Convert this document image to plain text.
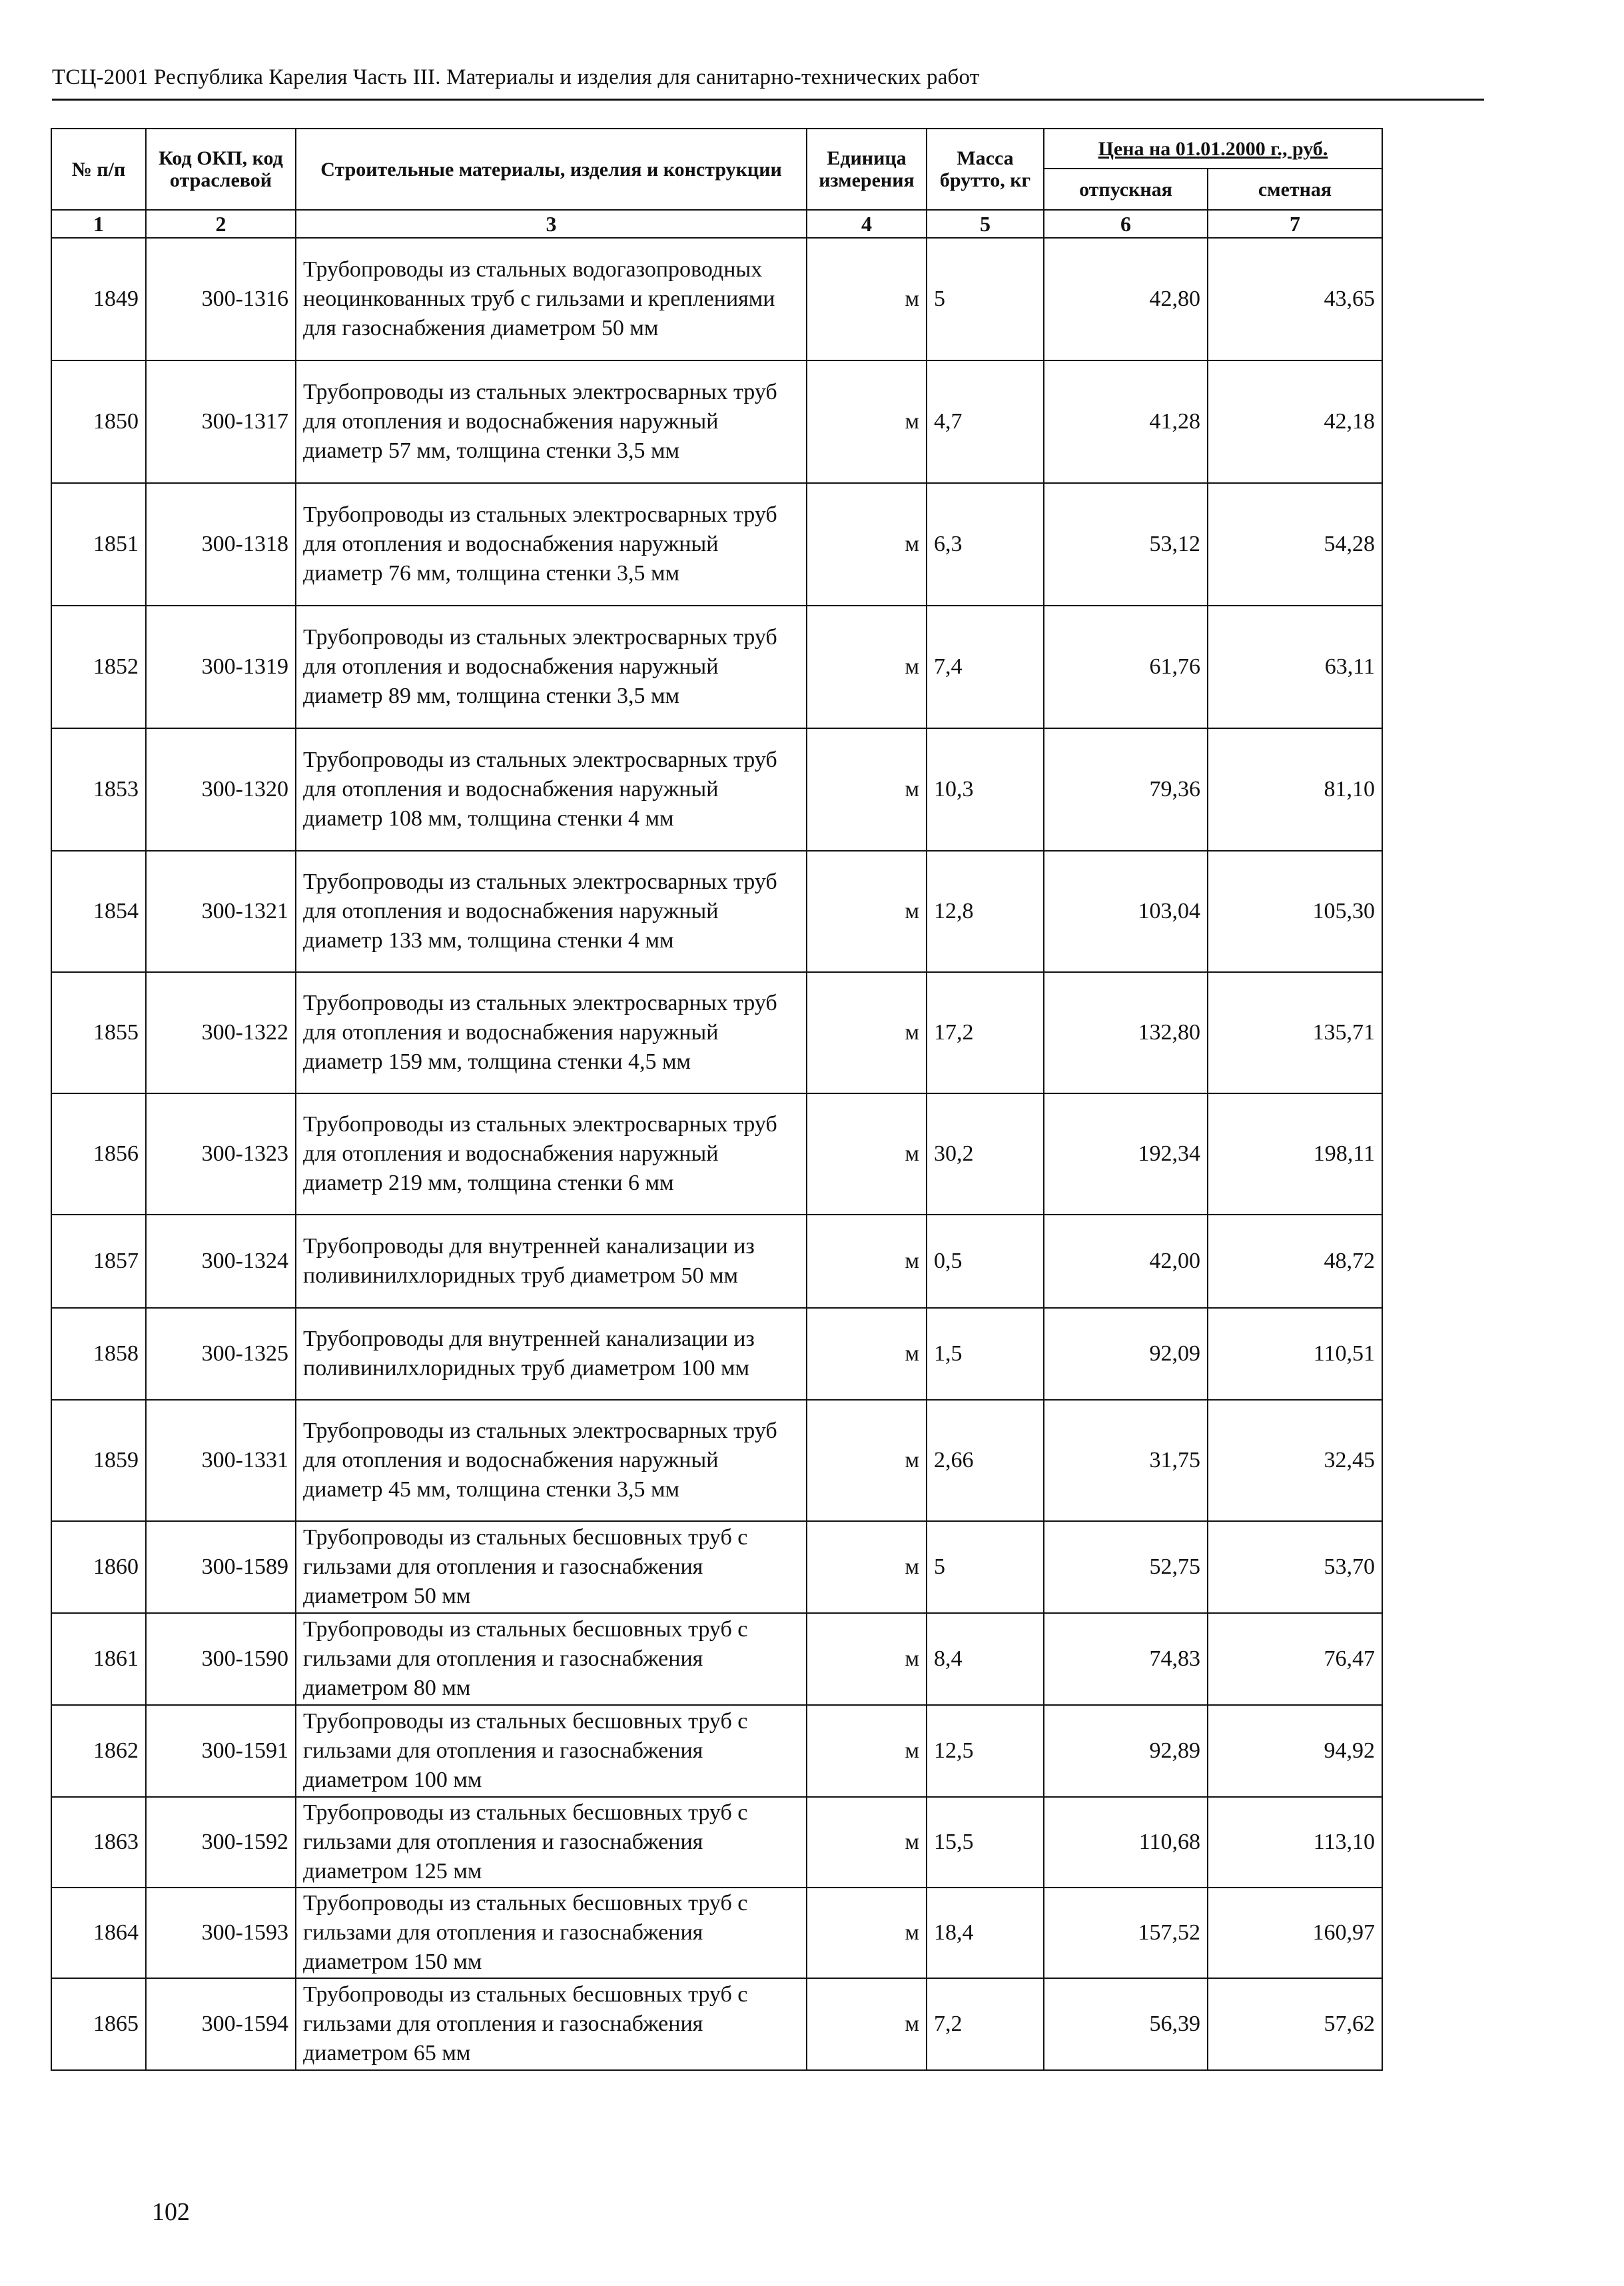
ТСЦ-2001 Республика Карелия Часть III. Материалы и изделия для санитарно-технических работ
№ п/п	Код ОКП, код отраслевой	Строительные материалы, изделия и конструкции	Единица измерения	Масса брутто, кг	Цена на 01.01.2000 г., руб.	
					отпускная	сметная
1	2	3	4	5	6	7
1849	300-1316	Трубопроводы из стальных водогазопроводных неоцинкованных труб с гильзами и креплениями для газоснабжения диаметром 50 мм	м	5	42,80	43,65
1850	300-1317	Трубопроводы из стальных электросварных труб для отопления и водоснабжения наружный диаметр 57 мм, толщина стенки 3,5 мм	м	4,7	41,28	42,18
1851	300-1318	Трубопроводы из стальных электросварных труб для отопления и водоснабжения наружный диаметр 76 мм, толщина стенки 3,5 мм	м	6,3	53,12	54,28
1852	300-1319	Трубопроводы из стальных электросварных труб для отопления и водоснабжения наружный диаметр 89 мм, толщина стенки 3,5 мм	м	7,4	61,76	63,11
1853	300-1320	Трубопроводы из стальных электросварных труб для отопления и водоснабжения наружный диаметр 108 мм, толщина стенки 4 мм	м	10,3	79,36	81,10
1854	300-1321	Трубопроводы из стальных электросварных труб для отопления и водоснабжения наружный диаметр 133 мм, толщина стенки 4 мм	м	12,8	103,04	105,30
1855	300-1322	Трубопроводы из стальных электросварных труб для отопления и водоснабжения наружный диаметр 159 мм, толщина стенки 4,5 мм	м	17,2	132,80	135,71
1856	300-1323	Трубопроводы из стальных электросварных труб для отопления и водоснабжения наружный диаметр 219 мм, толщина стенки 6 мм	м	30,2	192,34	198,11
1857	300-1324	Трубопроводы для внутренней канализации из поливинилхлоридных труб диаметром 50 мм	м	0,5	42,00	48,72
1858	300-1325	Трубопроводы для внутренней канализации из поливинилхлоридных труб диаметром 100 мм	м	1,5	92,09	110,51
1859	300-1331	Трубопроводы из стальных электросварных труб для отопления и водоснабжения наружный диаметр 45 мм, толщина стенки 3,5 мм	м	2,66	31,75	32,45
1860	300-1589	Трубопроводы из стальных бесшовных труб с гильзами для отопления и газоснабжения диаметром 50 мм	м	5	52,75	53,70
1861	300-1590	Трубопроводы из стальных бесшовных труб с гильзами для отопления и газоснабжения диаметром 80 мм	м	8,4	74,83	76,47
1862	300-1591	Трубопроводы из стальных бесшовных труб с гильзами для отопления и газоснабжения диаметром 100 мм	м	12,5	92,89	94,92
1863	300-1592	Трубопроводы из стальных бесшовных труб с гильзами для отопления и газоснабжения диаметром 125 мм	м	15,5	110,68	113,10
1864	300-1593	Трубопроводы из стальных бесшовных труб с гильзами для отопления и газоснабжения диаметром 150 мм	м	18,4	157,52	160,97
1865	300-1594	Трубопроводы из стальных бесшовных труб с гильзами для отопления и газоснабжения диаметром 65 мм	м	7,2	56,39	57,62
102
